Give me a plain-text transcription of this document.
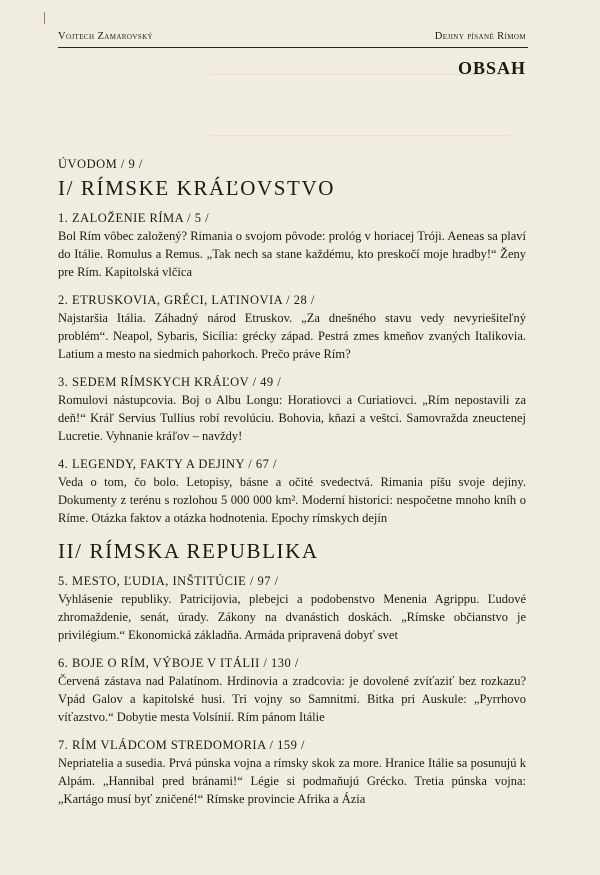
Vojtech Zamarovský	Dejiny písané Rímom
OBSAH
ÚVODOM / 9 /
I/ RÍMSKE KRÁĽOVSTVO
1. ZALOŽENIE RÍMA / 5 /
Bol Rím vôbec založený? Rimania o svojom pôvode: prológ v horiacej Tróji. Aeneas sa plaví do Itálie. Romulus a Remus. „Tak nech sa stane každému, kto preskočí moje hradby!“ Ženy pre Rím. Kapitolská vlčica
2. ETRUSKOVIA, GRÉCI, LATINOVIA / 28 /
Najstaršia Itália. Záhadný národ Etruskov. „Za dnešného stavu vedy nevyriešiteľný problém“. Neapol, Sybaris, Sicília: grécky západ. Pestrá zmes kmeňov zvaných Italikovia. Latium a mesto na siedmich pahorkoch. Prečo práve Rím?
3. SEDEM RÍMSKYCH KRÁĽOV / 49 /
Romulovi nástupcovia. Boj o Albu Longu: Horatiovci a Curiatiovci. „Rím nepostavili za deň!“ Kráľ Servius Tullius robí revolúciu. Bohovia, kňazi a veštci. Samovražda zneuctenej Lucretie. Vyhnanie kráľov – navždy!
4. LEGENDY, FAKTY A DEJINY / 67 /
Veda o tom, čo bolo. Letopisy, básne a očité svedectvá. Rimania píšu svoje dejiny. Dokumenty z terénu s rozlohou 5 000 000 km². Moderní historici: nespočetne mnoho kníh o Ríme. Otázka faktov a otázka hodnotenia. Epochy rímskych dejín
II/ RÍMSKA REPUBLIKA
5. MESTO, ĽUDIA, INŠTITÚCIE / 97 /
Vyhlásenie republiky. Patricijovia, plebejci a podobenstvo Menenia Agrippu. Ľudové zhromaždenie, senát, úrady. Zákony na dvanástich doskách. „Rímske občianstvo je privilégium.“ Ekonomická základňa. Armáda pripravená dobyť svet
6. BOJE O RÍM, VÝBOJE V ITÁLII / 130 /
Červená zástava nad Palatínom. Hrdinovia a zradcovia: je dovolené zvíťaziť bez rozkazu? Vpád Galov a kapitolské husi. Tri vojny so Samnitmi. Bitka pri Auskule: „Pyrrhovo víťazstvo.“ Dobytie mesta Volsínií. Rím pánom Itálie
7. RÍM VLÁDCOM STREDOMORIA / 159 /
Nepriatelia a susedia. Prvá púnska vojna a rímsky skok za more. Hranice Itálie sa posunujú k Alpám. „Hannibal pred bránami!“ Légie si podmaňujú Grécko. Tretia púnska vojna: „Kartágo musí byť zničené!“ Rímske provincie Afrika a Ázia
